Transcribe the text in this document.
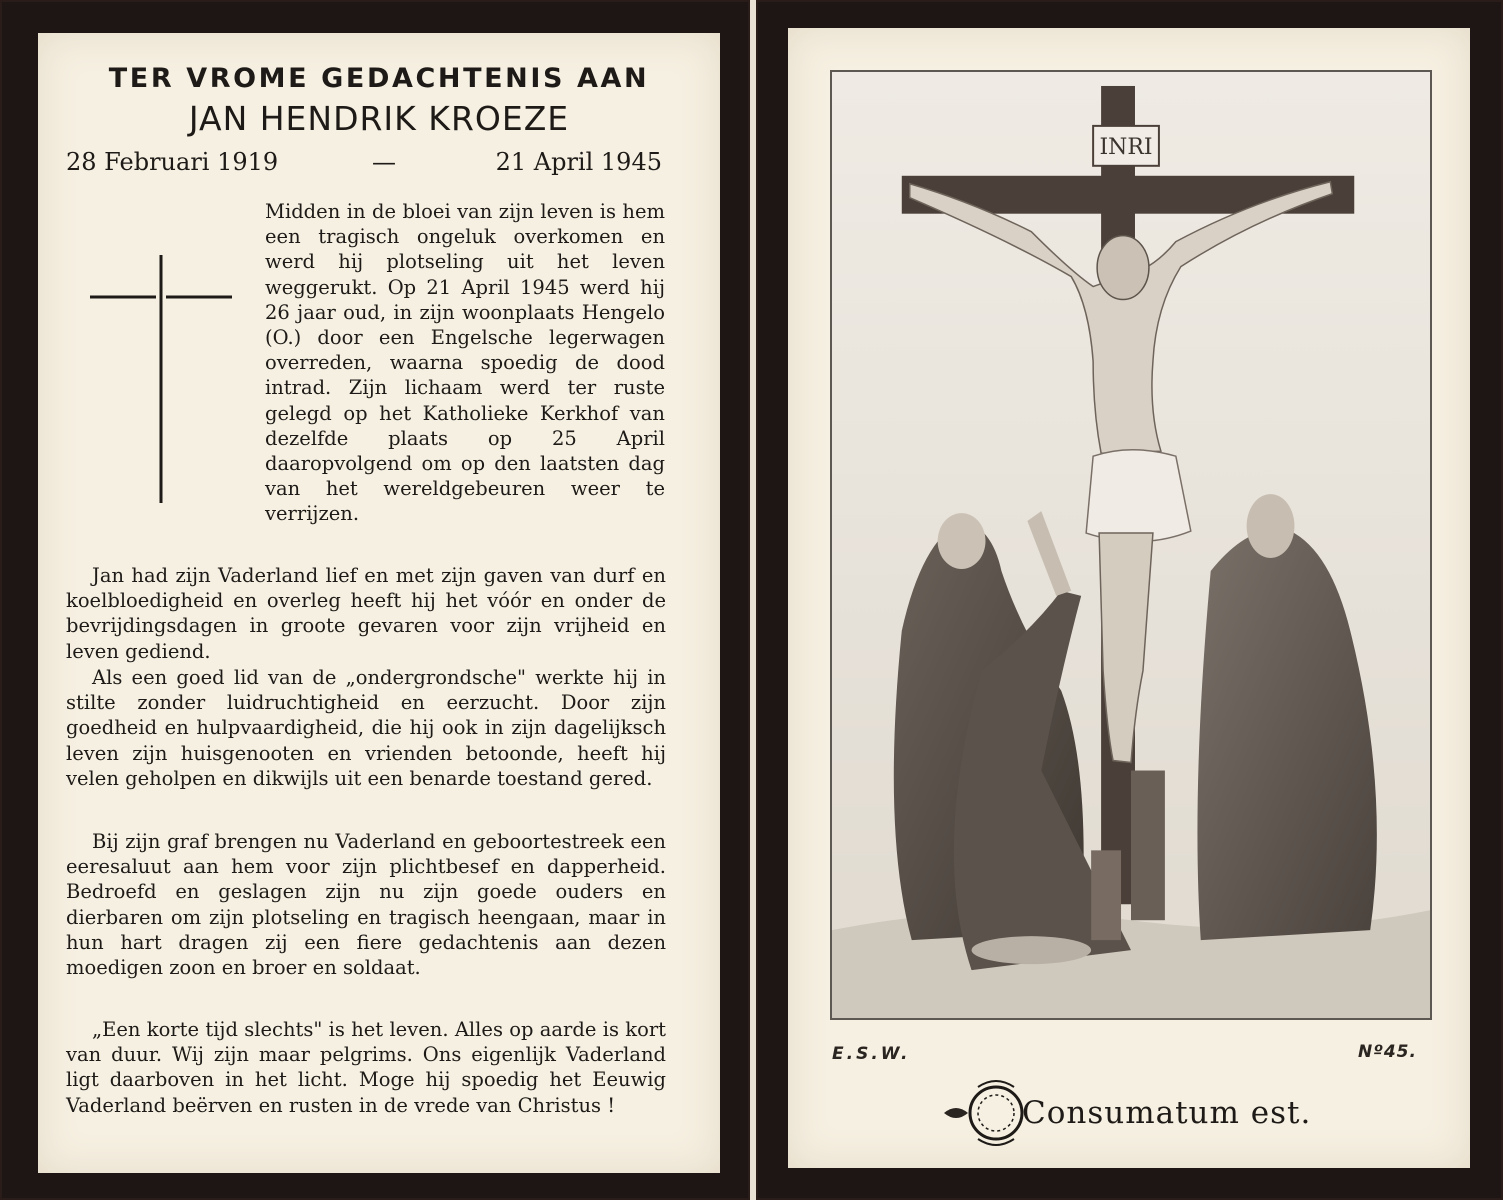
TER VROME GEDACHTENIS AAN
JAN HENDRIK KROEZE
28 Februari 1919	—	21 April 1945

Midden in de bloei van zijn leven is hem een tragisch ongeluk overkomen en werd hij plotseling uit het leven weggerukt. Op 21 April 1945 werd hij 26 jaar oud, in zijn woonplaats Hengelo (O.) door een Engelsche legerwagen overreden, waarna spoedig de dood intrad. Zijn lichaam werd ter ruste gelegd op het Katholieke Kerkhof van dezelfde plaats op 25 April daaropvolgend om op den laatsten dag van het wereldgebeuren weer te verrijzen.

Jan had zijn Vaderland lief en met zijn gaven van durf en koelbloedigheid en overleg heeft hij het vóór en onder de bevrijdingsdagen in groote gevaren voor zijn vrijheid en leven gediend.

Als een goed lid van de „ondergrondsche" werkte hij in stilte zonder luidruchtigheid en eerzucht. Door zijn goedheid en hulpvaardigheid, die hij ook in zijn dagelijksch leven zijn huisgenooten en vrienden betoonde, heeft hij velen geholpen en dikwijls uit een benarde toestand gered.

Bij zijn graf brengen nu Vaderland en geboortestreek een eeresaluut aan hem voor zijn plichtbesef en dapperheid. Bedroefd en geslagen zijn nu zijn goede ouders en dierbaren om zijn plotseling en tragisch heengaan, maar in hun hart dragen zij een fiere gedachtenis aan dezen moedigen zoon en broer en soldaat.

„Een korte tijd slechts" is het leven. Alles op aarde is kort van duur. Wij zijn maar pelgrims. Ons eigenlijk Vaderland ligt daarboven in het licht. Moge hij spoedig het Eeuwig Vaderland beërven en rusten in de vrede van Christus !

INRI
E.S.W.	Nº45.
Consumatum est.
